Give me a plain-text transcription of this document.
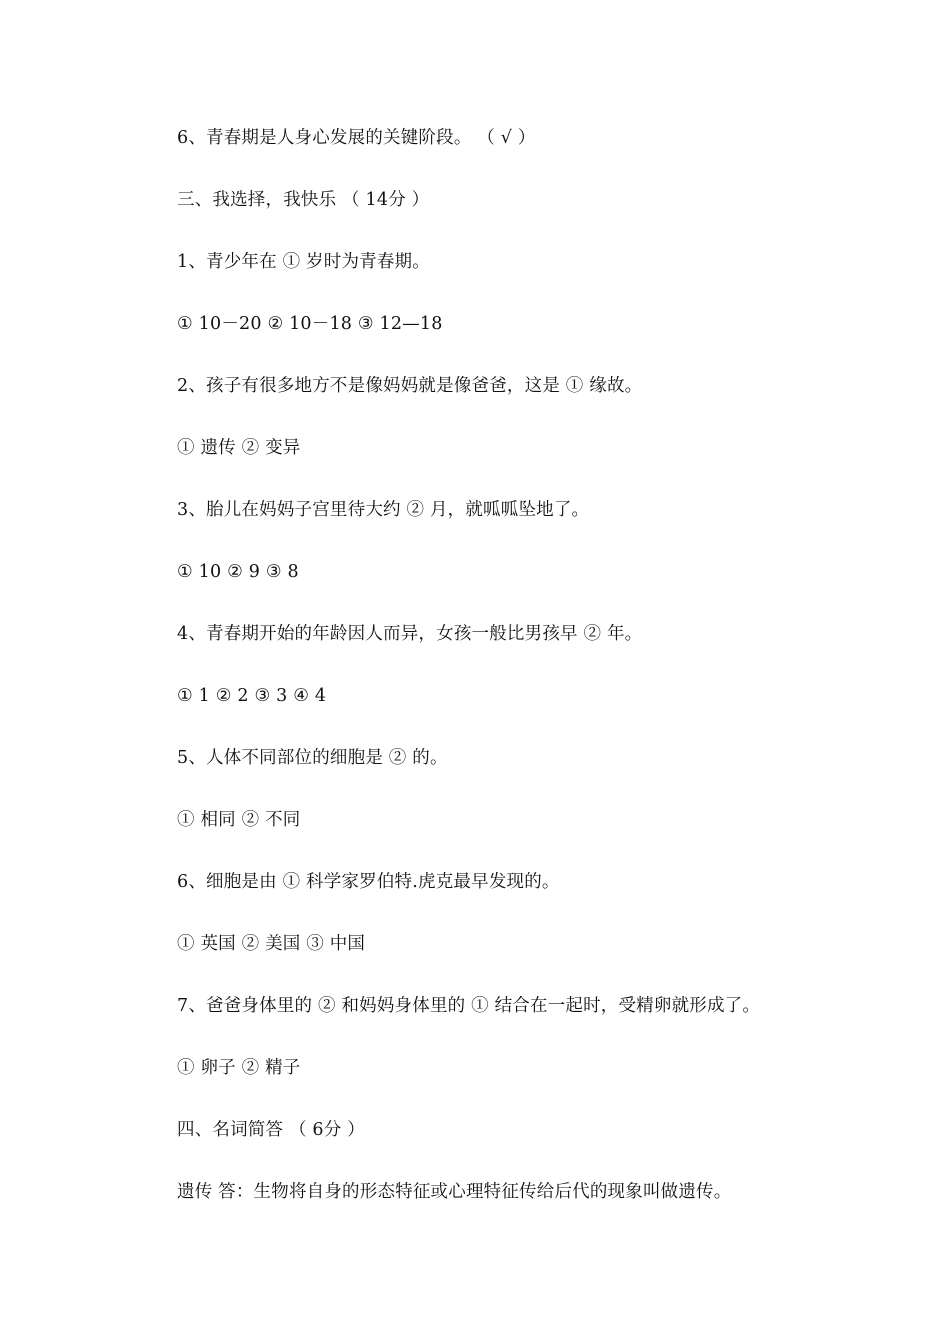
6、青春期是人身心发展的关键阶段。 （ √ ）
三、我选择，我快乐 （ 14分 ）
1、青少年在 ① 岁时为青春期。
① 10－20 ② 10－18 ③ 12—18
2、孩子有很多地方不是像妈妈就是像爸爸，这是 ① 缘故。
① 遗传 ② 变异
3、胎儿在妈妈子宫里待大约 ② 月，就呱呱坠地了。
① 10 ② 9 ③ 8
4、青春期开始的年龄因人而异，女孩一般比男孩早 ② 年。
① 1 ② 2 ③ 3 ④ 4
5、人体不同部位的细胞是 ② 的。
① 相同 ② 不同
6、细胞是由 ① 科学家罗伯特.虎克最早发现的。
① 英国 ② 美国 ③ 中国
7、爸爸身体里的 ② 和妈妈身体里的 ① 结合在一起时，受精卵就形成了。
① 卵子 ② 精子
四、名词简答 （ 6分 ）
遗传 答：生物将自身的形态特征或心理特征传给后代的现象叫做遗传。
